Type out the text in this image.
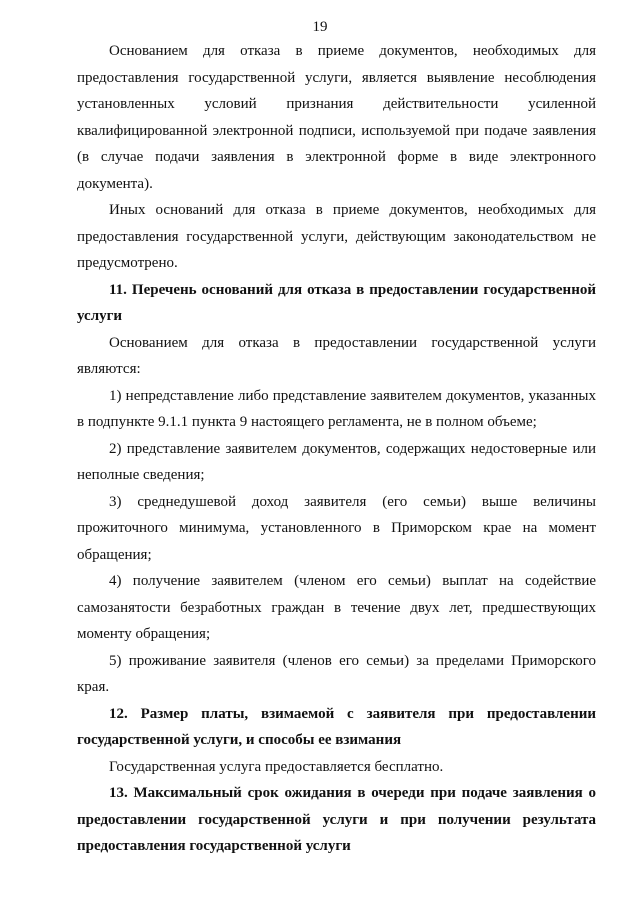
19

Основанием для отказа в приеме документов, необходимых для предоставления государственной услуги, является выявление несоблюдения установленных условий признания действительности усиленной квалифицированной электронной подписи, используемой при подаче заявления (в случае подачи заявления в электронной форме в виде электронного документа).

Иных оснований для отказа в приеме документов, необходимых для предоставления государственной услуги, действующим законодательством не предусмотрено.

11. Перечень оснований для отказа в предоставлении государственной услуги

Основанием для отказа в предоставлении государственной услуги являются:

1) непредставление либо представление заявителем документов, указанных в подпункте 9.1.1 пункта 9 настоящего регламента, не в полном объеме;

2) представление заявителем документов, содержащих недостоверные или неполные сведения;

3) среднедушевой доход заявителя (его семьи) выше величины прожиточного минимума, установленного в Приморском крае на момент обращения;

4) получение заявителем (членом его семьи) выплат на содействие самозанятости безработных граждан в течение двух лет, предшествующих моменту обращения;

5) проживание заявителя (членов его семьи) за пределами Приморского края.

12. Размер платы, взимаемой с заявителя при предоставлении государственной услуги, и способы ее взимания

Государственная услуга предоставляется бесплатно.

13. Максимальный срок ожидания в очереди при подаче заявления о предоставлении государственной услуги и при получении результата предоставления государственной услуги
